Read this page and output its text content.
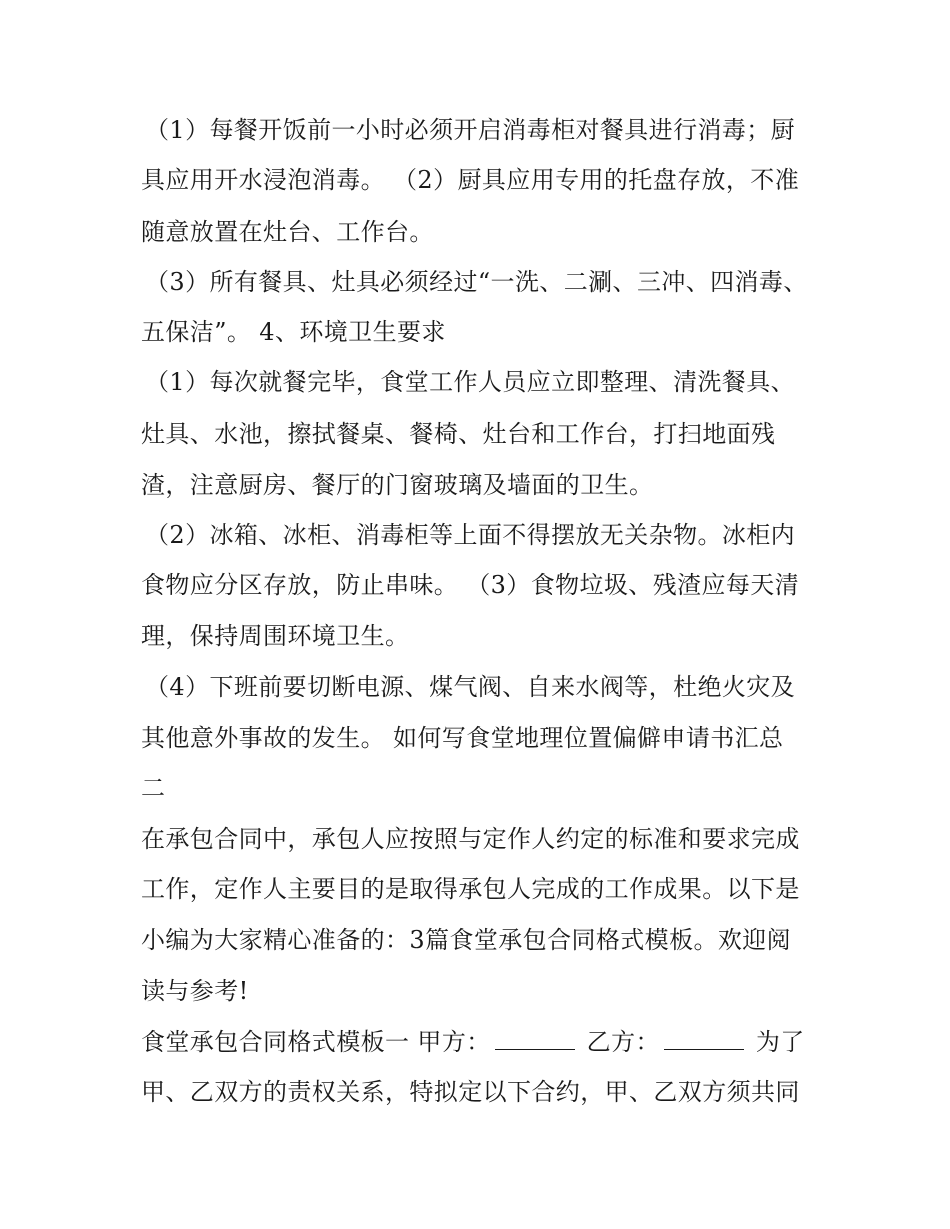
（1）每餐开饭前一小时必须开启消毒柜对餐具进行消毒；厨
具应用开水浸泡消毒。 （2）厨具应用专用的托盘存放，不准
随意放置在灶台、工作台。
（3）所有餐具、灶具必须经过“一洗、二涮、三冲、四消毒、
五保洁”。 4、环境卫生要求
（1）每次就餐完毕，食堂工作人员应立即整理、清洗餐具、
灶具、水池，擦拭餐桌、餐椅、灶台和工作台，打扫地面残
渣，注意厨房、餐厅的门窗玻璃及墙面的卫生。
（2）冰箱、冰柜、消毒柜等上面不得摆放无关杂物。冰柜内
食物应分区存放，防止串味。 （3）食物垃圾、残渣应每天清
理，保持周围环境卫生。
（4）下班前要切断电源、煤气阀、自来水阀等，杜绝火灾及
其他意外事故的发生。 如何写食堂地理位置偏僻申请书汇总
二
在承包合同中，承包人应按照与定作人约定的标准和要求完成
工作，定作人主要目的是取得承包人完成的工作成果。以下是
小编为大家精心准备的：3篇食堂承包合同格式模板。欢迎阅
读与参考!
食堂承包合同格式模板一 甲方：	乙方：	为了
甲、乙双方的责权关系，特拟定以下合约，甲、乙双方须共同
